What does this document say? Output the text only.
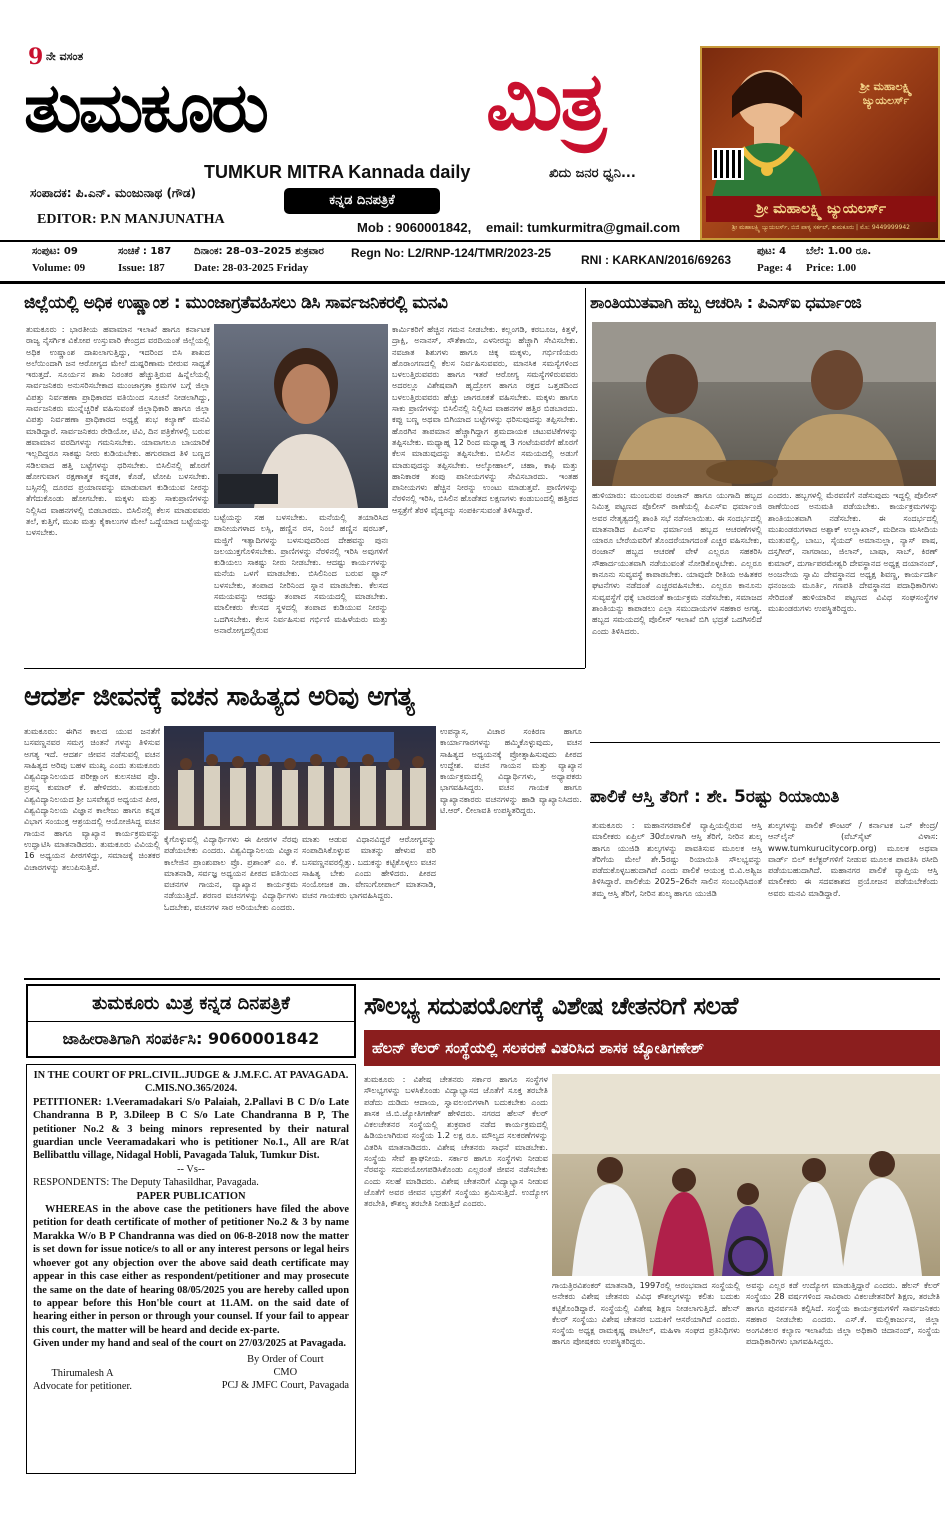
9 ನೇ ವಸಂತ
ತುಮಕೂರು	ಮಿತ್ರ
TUMKUR MITRA Kannada daily	ಖಿದು ಜನರ ಧ್ವನಿ...
ಸಂಪಾದಕ: ಪಿ.ಎನ್. ಮಂಜುನಾಥ (ಗೌಡ)	ಕನ್ನಡ ದಿನಪತ್ರಿಕೆ
EDITOR: P.N MANJUNATHA
Mob : 9060001842, email: tumkurmitra@gmail.com
ಶ್ರೀ ಮಹಾಲಕ್ಷ್ಮಿ ಜ್ಯುಯಲರ್ಸ್
ಶ್ರೀ ಮಹಾಲಕ್ಷ್ಮಿ ಜ್ಯುಯಲರ್ಸ್
ಶ್ರೀ ಮಹಾಲಕ್ಷ್ಮಿ ಜ್ಯುಯಲರ್ಸ್, ಬಿಜಿ ಪಾಳ್ಯ ಸರ್ಕಲ್, ತುಮಕೂರು | ಮೊ: 9449999942
ಸಂಪುಟ: 09	ಸಂಚಿಕೆ : 187 ದಿನಾಂಕ: 28–03–2025 ಶುಕ್ರವಾರ Regn No: L2/RNP-124/TMR/2023-25 RNI : KARKAN/2016/69263
ಪುಟ: 4 ಬೆಲೆ: 1.00 ರೂ.
Volume: 09	Issue: 187	Date: 28-03-2025 Friday	Page: 4 Price: 1.00
ಜಿಲ್ಲೆಯಲ್ಲಿ ಅಧಿಕ ಉಷ್ಣಾಂಶ : ಮುಂಜಾಗ್ರತೆವಹಿಸಲು ಡಿಸಿ ಸಾರ್ವಜನಿಕರಲ್ಲಿ ಮನವಿ
ತುಮಕೂರು : ಭಾರತೀಯ ಹವಾಮಾನ ಇಲಾಖೆ ಹಾಗೂ ಕರ್ನಾಟಕ ರಾಜ್ಯ ನೈಸರ್ಗಿಕ ವಿಕೋಪ ಉಸ್ತುವಾರಿ ಕೇಂದ್ರದ ವರದಿಯಂತೆ ಜಿಲ್ಲೆಯಲ್ಲಿ ಅಧಿಕ ಉಷ್ಣಾಂಶ ದಾಖಲಾಗುತ್ತಿದ್ದು, ಇದರಿಂದ ಬಿಸಿ ಶಾಖದ ಅಲೆಯಿಂದಾಗಿ ಜನ ಆರೋಗ್ಯದ ಮೇಲೆ ದುಷ್ಪರಿಣಾಮ ಬೀರುವ ಸಾಧ್ಯತೆ ಇರುತ್ತದೆ. ಸೂರ್ಯನ ಶಾಖ ನಿರಂತರ ಹೆಚ್ಚುತ್ತಿರುವ ಹಿನ್ನೆಲೆಯಲ್ಲಿ ಸಾರ್ವಜನಿಕರು ಅನುಸರಿಸಬೇಕಾದ ಮುಂಜಾಗ್ರತಾ ಕ್ರಮಗಳ ಬಗ್ಗೆ ಜಿಲ್ಲಾ ವಿಪತ್ತು ನಿರ್ವಹಣಾ ಪ್ರಾಧಿಕಾರದ ವತಿಯಿಂದ ಸೂಚನೆ ನೀಡಲಾಗಿದ್ದು, ಸಾರ್ವಜನಿಕರು ಮುನ್ನೆಚ್ಚರಿಕೆ ವಹಿಸುವಂತೆ ಜಿಲ್ಲಾಧಿಕಾರಿ ಹಾಗೂ ಜಿಲ್ಲಾ ವಿಪತ್ತು ನಿರ್ವಹಣಾ ಪ್ರಾಧಿಕಾರದ ಅಧ್ಯಕ್ಷೆ ಶುಭ ಕಲ್ಯಾಣ್ ಮನವಿ ಮಾಡಿದ್ದಾರೆ. ಸಾರ್ವಜನಿಕರು ರೇಡಿಯೋ, ಟಿವಿ, ದಿನ ಪತ್ರಿಕೆಗಳಲ್ಲಿ ಬರುವ ಹವಾಮಾನ ವರದಿಗಳನ್ನು ಗಮನಿಸಬೇಕು. ಯಾವಾಗಲೂ ಬಾಯಾರಿಕೆ ಇಲ್ಲದಿದ್ದರೂ ಸಾಕಷ್ಟು ನೀರು ಕುಡಿಯಬೇಕು. ಹಗುರವಾದ ತಿಳಿ ಬಣ್ಣದ ಸಡಿಲವಾದ ಹತ್ತಿ ಬಟ್ಟೆಗಳನ್ನು ಧರಿಸಬೇಕು. ಬಿಸಿಲಿನಲ್ಲಿ ಹೊರಗೆ ಹೋಗುವಾಗ ರಕ್ಷಣಾತ್ಮಕ ಕನ್ನಡಕ, ಕೊಡೆ, ಟೋಪಿ ಬಳಸಬೇಕು. ಬಸ್ಸಿನಲ್ಲಿ ದೂರದ ಪ್ರಯಾಣವನ್ನು ಮಾಡುವಾಗ ಕುಡಿಯುವ ನೀರನ್ನು ತೆಗೆದುಕೊಂಡು ಹೋಗಬೇಕು. ಮಕ್ಕಳು ಮತ್ತು ಸಾಕುಪ್ರಾಣಿಗಳನ್ನು ನಿಲ್ಲಿಸಿದ ವಾಹನಗಳಲ್ಲಿ ಬಿಡಬಾರದು. ಬಿಸಿಲಿನಲ್ಲಿ ಕೆಲಸ ಮಾಡುವವರು ತಲೆ, ಕುತ್ತಿಗೆ, ಮುಖ ಮತ್ತು ಕೈಕಾಲುಗಳ ಮೇಲೆ ಒದ್ದೆಯಾದ ಬಟ್ಟೆಯನ್ನು ಬಳಸಬೇಕು.
ಬಟ್ಟೆಯನ್ನು ಸಹ ಬಳಸಬೇಕು. ಮನೆಯಲ್ಲಿ ತಯಾರಿಸಿದ ಪಾನೀಯಗಳಾದ ಲಸ್ಸಿ, ಹಣ್ಣಿನ ರಸ, ನಿಂಬೆ ಹಣ್ಣಿನ ಷರಬತ್, ಮಜ್ಜಿಗೆ ಇತ್ಯಾದಿಗಳನ್ನು ಬಳಸುವುದರಿಂದ ದೇಹವನ್ನು ಪುನಃ ಜಲಯುಕ್ತಗೊಳಿಸಬೇಕು. ಪ್ರಾಣಿಗಳನ್ನು ನೆರಳಿನಲ್ಲಿ ಇರಿಸಿ ಅವುಗಳಿಗೆ ಕುಡಿಯಲು ಸಾಕಷ್ಟು ನೀರು ನೀಡಬೇಕು. ಆದಷ್ಟು ಕಾರ್ಯಗಳನ್ನು ಮನೆಯ ಒಳಗೆ ಮಾಡಬೇಕು. ಬಿಸಿಲಿನಿಂದ ಬರುವ ಫ್ಯಾನ್ ಬಳಸಬೇಕು, ತಂಪಾದ ನೀರಿನಿಂದ ಸ್ನಾನ ಮಾಡಬೇಕು. ಕೆಲಸದ ಸಮಯವನ್ನು ಆದಷ್ಟು ತಂಪಾದ ಸಮಯದಲ್ಲಿ ಮಾಡಬೇಕು. ಮಾಲೀಕರು ಕೆಲಸದ ಸ್ಥಳದಲ್ಲಿ ತಂಪಾದ ಕುಡಿಯುವ ನೀರನ್ನು ಒದಗಿಸಬೇಕು. ಕೆಲಸ ನಿರ್ವಹಿಸುವ ಗರ್ಭಿಣಿ ಮಹಿಳೆಯರು ಮತ್ತು ಅನಾರೋಗ್ಯದಲ್ಲಿರುವ
ಕಾರ್ಮಿಕರಿಗೆ ಹೆಚ್ಚಿನ ಗಮನ ನೀಡಬೇಕು. ಕಲ್ಲಂಗಡಿ, ಕರಬೂಜ, ಕಿತ್ತಳೆ, ದ್ರಾಕ್ಷಿ, ಅನಾನಸ್, ಸೌತೆಕಾಯಿ, ಎಳನೀರನ್ನು ಹೆಚ್ಚಾಗಿ ಸೇವಿಸಬೇಕು. ನವಜಾತ ಶಿಶುಗಳು ಹಾಗೂ ಚಿಕ್ಕ ಮಕ್ಕಳು, ಗರ್ಭಿಣಿಯರು ಹೊರಾಂಗಣದಲ್ಲಿ ಕೆಲಸ ನಿರ್ವಹಿಸುವವರು, ಮಾನಸಿಕ ಸಮಸ್ಯೆಗಳಿಂದ ಬಳಲುತ್ತಿರುವವರು ಹಾಗೂ ಇತರೆ ಆರೋಗ್ಯ ಸಮಸ್ಯೆಗಳಿರುವವರು ಅದರಲ್ಲೂ ವಿಶೇಷವಾಗಿ ಹೃದ್ರೋಗ ಹಾಗೂ ರಕ್ತದ ಒತ್ತಡದಿಂದ ಬಳಲುತ್ತಿರುವವರು ಹೆಚ್ಚು ಜಾಗರೂಕತೆ ವಹಿಸಬೇಕು. ಮಕ್ಕಳು ಹಾಗೂ ಸಾಕು ಪ್ರಾಣಿಗಳನ್ನು ಬಿಸಿಲಿನಲ್ಲಿ ನಿಲ್ಲಿಸಿದ ವಾಹನಗಳ ಹತ್ತಿರ ಬಿಡಬಾರದು. ಕಪ್ಪು ಬಣ್ಣ ಅಥವಾ ಬಿಗಿಯಾದ ಬಟ್ಟೆಗಳನ್ನು ಧರಿಸುವುದನ್ನು ತಪ್ಪಿಸಬೇಕು. ಹೊರಗಿನ ತಾಪಮಾನ ಹೆಚ್ಚಾಗಿದ್ದಾಗ ಶ್ರಮದಾಯಕ ಚಟುವಟಿಕೆಗಳನ್ನು ತಪ್ಪಿಸಬೇಕು. ಮಧ್ಯಾಹ್ನ 12 ರಿಂದ ಮಧ್ಯಾಹ್ನ 3 ಗಂಟೆಯವರೆಗೆ ಹೊರಗೆ ಕೆಲಸ ಮಾಡುವುದನ್ನು ತಪ್ಪಿಸಬೇಕು. ಬಿಸಿಲಿನ ಸಮಯದಲ್ಲಿ ಅಡುಗೆ ಮಾಡುವುದನ್ನು ತಪ್ಪಿಸಬೇಕು. ಆಲ್ಕೋಹಾಲ್, ಚಹಾ, ಕಾಫಿ ಮತ್ತು ಹಾನಿಕಾರಕ ತಂಪು ಪಾನೀಯಗಳನ್ನು ಸೇವಿಸಬಾರದು. ಇಂತಹ ಪಾನೀಯಗಳು ಹೆಚ್ಚಿನ ನೀರನ್ನು ಉಂಟು ಮಾಡುತ್ತವೆ. ಪ್ರಾಣಿಗಳನ್ನು ನೆರಳಿನಲ್ಲಿ ಇರಿಸಿ, ಬಿಸಿಲಿನ ಹೊಡೆತದ ಲಕ್ಷಣಗಳು ಕಂಡುಬಂದಲ್ಲಿ ಹತ್ತಿರದ ಆಸ್ಪತ್ರೆಗೆ ತೆರಳಿ ವೈದ್ಯರನ್ನು ಸಂಪರ್ಕಿಸುವಂತೆ ತಿಳಿಸಿದ್ದಾರೆ.
ಶಾಂತಿಯುತವಾಗಿ ಹಬ್ಬ ಆಚರಿಸಿ : ಪಿಎಸ್ಐ ಧರ್ಮಾಂಜಿ
ಹುಳಿಯಾರು: ಮುಂಬರುವ ರಂಜಾನ್ ಹಾಗೂ ಯುಗಾದಿ ಹಬ್ಬದ ನಿಮಿತ್ತ ಪಟ್ಟಣದ ಪೊಲೀಸ್ ಠಾಣೆಯಲ್ಲಿ ಪಿಎಸ್ಐ ಧರ್ಮಾಂಜಿ ಅವರ ನೇತೃತ್ವದಲ್ಲಿ ಶಾಂತಿ ಸಭೆ ನಡೆಸಲಾಯಿತು. ಈ ಸಂದರ್ಭದಲ್ಲಿ ಮಾತನಾಡಿದ ಪಿಎಸ್ಐ ಧರ್ಮಾಂಜಿ ಹಬ್ಬದ ಆಚರಣೆಗಳಲ್ಲಿ ಯಾರೂ ಬೇರೆಯವರಿಗೆ ತೊಂದರೆಯಾಗದಂತೆ ಎಚ್ಚರ ವಹಿಸಬೇಕು, ರಂಜಾನ್ ಹಬ್ಬದ ಆಚರಣೆ ವೇಳೆ ಎಲ್ಲರೂ ಸಹಕರಿಸಿ ಸೌಹಾರ್ದಯುತವಾಗಿ ನಡೆಯುವಂತೆ ನೋಡಿಕೊಳ್ಳಬೇಕು. ಎಲ್ಲರೂ ಕಾನೂನು ಸುವ್ಯವಸ್ಥೆ ಕಾಪಾಡಬೇಕು. ಯಾವುದೇ ರೀತಿಯ ಅಹಿತಕರ ಘಟನೆಗಳು ನಡೆದಂತೆ ಎಚ್ಚರವಹಿಸಬೇಕು. ಎಲ್ಲರೂ ಕಾನೂನು ಸುವ್ಯವಸ್ಥೆಗೆ ಧಕ್ಕೆ ಬಾರದಂತೆ ಕಾರ್ಯಕ್ರಮ ನಡೆಸಬೇಕು, ಸಮಾಜದ ಶಾಂತಿಯನ್ನು ಕಾಪಾಡಲು ಎಲ್ಲಾ ಸಮುದಾಯಗಳ ಸಹಕಾರ ಅಗತ್ಯ. ಹಬ್ಬದ ಸಮಯದಲ್ಲಿ ಪೊಲೀಸ್ ಇಲಾಖೆ ಬಿಗಿ ಭದ್ರತೆ ಒದಗಿಸಲಿದೆ ಎಂದು ತಿಳಿಸಿದರು.
ಎಂದರು. ಹಬ್ಬಗಳಲ್ಲಿ ಮೆರವಣಿಗೆ ನಡೆಸುವುದು ಇದ್ದಲ್ಲಿ ಪೊಲೀಸ್ ಠಾಣೆಯಿಂದ ಅನುಮತಿ ಪಡೆಯಬೇಕು. ಕಾರ್ಯಕ್ರಮಗಳನ್ನು ಶಾಂತಿಯುತವಾಗಿ ನಡೆಸಬೇಕು. ಈ ಸಂದರ್ಭದಲ್ಲಿ ಮುಖಂಡರುಗಳಾದ ಅಶ್ಫಾಕ್ ಉಲ್ಲಾಖಾನ್, ಮದೀನಾ ಮಸೀದಿಯ ಮುತುವಲ್ಲಿ, ಬಾಬು, ಸೈಯದ್ ಅಮಾನುಲ್ಲಾ, ನ್ಯಾಸ್ ಪಾಷ, ದಸ್ತಗೀರ್, ನಾಗರಾಜು, ಜಿಲಾನ್, ಬಾಷಾ, ಸಾಬ್, ಕಿರಣ್ ಕುಮಾರ್, ದುರ್ಗಾಪರಮೇಶ್ವರಿ ದೇವಸ್ಥಾನದ ಅಧ್ಯಕ್ಷ ದಯಾನಂದ್, ಅಂಜನೇಯ ಸ್ವಾಮಿ ದೇವಸ್ಥಾನದ ಅಧ್ಯಕ್ಷ ಶಿವಣ್ಣ, ಕಾರ್ಯದರ್ಶಿ ಧನಂಜಯ ಮೂರ್ತಿ, ಗಣಪತಿ ದೇವಸ್ಥಾನದ ಪದಾಧಿಕಾರಿಗಳು ಸೇರಿದಂತೆ ಹುಳಿಯಾರಿನ ಪಟ್ಟಣದ ವಿವಿಧ ಸಂಘಸಂಸ್ಥೆಗಳ ಮುಖಂಡರುಗಳು ಉಪಸ್ಥಿತರಿದ್ದರು.
ಆದರ್ಶ ಜೀವನಕ್ಕೆ ವಚನ ಸಾಹಿತ್ಯದ ಅರಿವು ಅಗತ್ಯ
ತುಮಕೂರು: ಈಗಿನ ಕಾಲದ ಯುವ ಜನತೆಗೆ ಬಸವಣ್ಣನವರ ಸಮಗ್ರ ಚಿಂತನೆ ಗಳನ್ನು ತಿಳಿಸುವ ಅಗತ್ಯ ಇದೆ. ಆದರ್ಶ ಜೀವನ ನಡೆಸುವಲ್ಲಿ ವಚನ ಸಾಹಿತ್ಯದ ಅರಿವು ಬಹಳ ಮುಖ್ಯ ಎಂದು ತುಮಕೂರು ವಿಶ್ವವಿದ್ಯಾನಿಲಯದ ಪರೀಕ್ಷಾಂಗ ಕುಲಸಚಿವ ಪ್ರೊ. ಪ್ರಸನ್ನ ಕುಮಾರ್ ಕೆ. ಹೇಳಿದರು. ತುಮಕೂರು ವಿಶ್ವವಿದ್ಯಾನಿಲಯದ ಶ್ರೀ ಬಸವೇಶ್ವರ ಅಧ್ಯಯನ ಪೀಠ, ವಿಶ್ವವಿದ್ಯಾನಿಲಯ ವಿಜ್ಞಾನ ಕಾಲೇಜು ಹಾಗೂ ಕನ್ನಡ ವಿಭಾಗ ಸಂಯುಕ್ತ ಆಶ್ರಯದಲ್ಲಿ ಆಯೋಜಿಸಿದ್ದ ವಚನ ಗಾಯನ ಹಾಗೂ ವ್ಯಾಖ್ಯಾನ ಕಾರ್ಯಕ್ರಮವನ್ನು ಉದ್ಘಾಟಿಸಿ ಮಾತನಾಡಿದರು. ತುಮಕೂರು ವಿವಿಯಲ್ಲಿ 16 ಅಧ್ಯಯನ ಪೀಠಗಳಿದ್ದು, ಸಮಾಜಕ್ಕೆ ಚಿಂತಕರ ವಿಚಾರಗಳನ್ನು ತಲುಪಿಸುತ್ತಿವೆ.
ಕೈಗೊಳ್ಳುವಲ್ಲಿ ವಿದ್ಯಾರ್ಥಿಗಳು ಈ ಪೀಠಗಳ ನೆರವು ಪಡೆಯಬೇಕು ಎಂದರು. ವಿಶ್ವವಿದ್ಯಾನಿಲಯ ವಿಜ್ಞಾನ ಕಾಲೇಜಿನ ಪ್ರಾಂಶುಪಾಲ ಪ್ರೊ. ಪ್ರಶಾಂತ್ ಎಂ. ಕೆ. ಮಾತನಾಡಿ, ಸರ್ವಜ್ಞ ಅಧ್ಯಯನ ಪೀಠದ ವತಿಯಿಂದ ವಚನಗಳ ಗಾಯನ, ವ್ಯಾಖ್ಯಾನ ಕಾರ್ಯಕ್ರಮ ನಡೆಯುತ್ತಿದೆ. ಶರಣರ ವಚನಗಳನ್ನು ವಿದ್ಯಾರ್ಥಿಗಳು ಓದಬೇಕು, ವಚನಗಳ ಸಾರ ಅರಿಯಬೇಕು ಎಂದರು.
ಮಾತು ಆಡುವ ವಿಧಾನವಿದ್ದರೆ ಆರೋಗ್ಯವನ್ನು ಸಂಪಾದಿಸಿಕೊಳ್ಳುವ ಮಾತನ್ನು ಹೇಳುವ ಪರಿ ಬಸವಣ್ಣನವರಲ್ಲಿತ್ತು. ಬದುಕನ್ನು ಕಟ್ಟಿಕೊಳ್ಳಲು ವಚನ ಸಾಹಿತ್ಯ ಬೇಕು ಎಂದು ಹೇಳಿದರು. ಪೀಠದ ಸಂಯೋಜಕ ಡಾ. ವೇಣುಗೋಪಾಲ್ ಮಾತನಾಡಿ, ವಚನ ಗಾಯಕರು ಭಾಗವಹಿಸಿದ್ದರು.
ಉಪನ್ಯಾಸ, ವಿಚಾರ ಸಂಕಿರಣ ಹಾಗೂ ಕಾರ್ಯಾಗಾರಗಳನ್ನು ಹಮ್ಮಿಕೊಳ್ಳುವುದು, ವಚನ ಸಾಹಿತ್ಯದ ಅಧ್ಯಯನಕ್ಕೆ ಪ್ರೋತ್ಸಾಹಿಸುವುದು ಪೀಠದ ಉದ್ದೇಶ. ವಚನ ಗಾಯನ ಮತ್ತು ವ್ಯಾಖ್ಯಾನ ಕಾರ್ಯಕ್ರಮದಲ್ಲಿ ವಿದ್ಯಾರ್ಥಿಗಳು, ಅಧ್ಯಾಪಕರು ಭಾಗವಹಿಸಿದ್ದರು. ವಚನ ಗಾಯಕ ಹಾಗೂ ವ್ಯಾಖ್ಯಾನಕಾರರು ವಚನಗಳನ್ನು ಹಾಡಿ ವ್ಯಾಖ್ಯಾನಿಸಿದರು. ಟಿ.ಆರ್. ಲೀಲಾವತಿ ಉಪಸ್ಥಿತರಿದ್ದರು.
ಪಾಲಿಕೆ ಆಸ್ತಿ ತೆರಿಗೆ : ಶೇ. 5ರಷ್ಟು ರಿಯಾಯಿತಿ
ತುಮಕೂರು : ಮಹಾನಗರಪಾಲಿಕೆ ವ್ಯಾಪ್ತಿಯಲ್ಲಿರುವ ಆಸ್ತಿ ಮಾಲೀಕರು ಏಪ್ರಿಲ್ 30ರೊಳಗಾಗಿ ಆಸ್ತಿ ತೆರಿಗೆ, ನೀರಿನ ಶುಲ್ಕ ಹಾಗೂ ಯುಜಿಡಿ ಶುಲ್ಕಗಳನ್ನು ಪಾವತಿಸುವ ಮೂಲಕ ಆಸ್ತಿ ತೆರಿಗೆಯ ಮೇಲೆ ಶೇ.5ರಷ್ಟು ರಿಯಾಯಿತಿ ಸೌಲಭ್ಯವನ್ನು ಪಡೆದುಕೊಳ್ಳಬಹುದಾಗಿದೆ ಎಂದು ಪಾಲಿಕೆ ಆಯುಕ್ತ ಬಿ.ವಿ.ಅಶ್ವಿಜ ತಿಳಿಸಿದ್ದಾರೆ. ಪಾಲಿಕೆಯ 2025–26ನೇ ಸಾಲಿನ ಸಂಬಂಧಿಸಿದಂತೆ ತಮ್ಮ ಆಸ್ತಿ ತೆರಿಗೆ, ನೀರಿನ ಶುಲ್ಕ ಹಾಗೂ ಯುಜಿಡಿ
ಶುಲ್ಕಗಳನ್ನು ಪಾಲಿಕೆ ಕೌಂಟರ್ / ಕರ್ನಾಟಕ ಒನ್ ಕೇಂದ್ರ/ ಆನ್‌ಲೈನ್ (ವೆಬ್‌ಸೈಟ್ ವಿಳಾಸ: www.tumkurucitycorp.org) ಮೂಲಕ ಅಥವಾ ವಾರ್ಡ್ ಬಿಲ್ ಕಲೆಕ್ಟರ್‌ಗಳಿಗೆ ನೀಡುವ ಮೂಲಕ ಪಾವತಿಸಿ ರಸೀದಿ ಪಡೆಯಬಹುದಾಗಿದೆ. ಮಹಾನಗರ ಪಾಲಿಕೆ ವ್ಯಾಪ್ತಿಯ ಆಸ್ತಿ ಮಾಲೀಕರು ಈ ಸದವಕಾಶದ ಪ್ರಯೋಜನ ಪಡೆಯಬೇಕೆಂದು ಅವರು ಮನವಿ ಮಾಡಿದ್ದಾರೆ.
ತುಮಕೂರು ಮಿತ್ರ ಕನ್ನಡ ದಿನಪತ್ರಿಕೆ
ಜಾಹೀರಾತಿಗಾಗಿ ಸಂಪರ್ಕಿಸಿ: 9060001842
IN THE COURT OF PRL.CIVIL.JUDGE & J.M.F.C. AT PAVAGADA.
C.MIS.NO.365/2024.
PETITIONER: 1.Veeramadakari S/o Palaiah, 2.Pallavi B C D/o Late Chandranna B P, 3.Dileep B C S/o Late Chandranna B P, The petitioner No.2 & 3 being minors represented by their natural guardian uncle Veeramadakari who is petitioner No.1., All are R/at Bellibattlu village, Nidagal Hobli, Pavagada Taluk, Tumkur Dist.
-- Vs--
RESPONDENTS: The Deputy Tahasildhar, Pavagada.
PAPER PUBLICATION
WHEREAS in the above case the petitioners have filed the above petition for death certificate of mother of petitioner No.2 & 3 by name Marakka W/o B P Chandranna was died on 06-8-2018 now the matter is set down for issue notice/s to all or any interest persons or legal heirs whoever got any objection over the above said death certificate may appear in this case either as respondent/petitioner and may prosecute the same on the date of hearing 08/05/2025 you are hereby called upon to appear before this Hon'ble court at 11.AM. on the said date of hearing either in person or through your counsel. If your fail to appear this court, the matter will be heard and decide ex-parte.
Given under my hand and seal of the court on 27/03/2025 at Pavagada.
Thirumalesh A
Advocate for petitioner.
By Order of Court
CMO
PCJ & JMFC Court, Pavagada
ಸೌಲಭ್ಯ ಸದುಪಯೋಗಕ್ಕೆ ವಿಶೇಷ ಚೇತನರಿಗೆ ಸಲಹೆ
ಹೆಲನ್ ಕೆಲರ್ ಸಂಸ್ಥೆಯಲ್ಲಿ ಸಲಕರಣೆ ವಿತರಿಸಿದ ಶಾಸಕ ಜ್ಯೋತಿಗಣೇಶ್
ತುಮಕೂರು : ವಿಶೇಷ ಚೇತನರು ಸರ್ಕಾರ ಹಾಗೂ ಸಂಸ್ಥೆಗಳ ಸೌಲಭ್ಯಗಳನ್ನು ಬಳಸಿಕೊಂಡು ವಿದ್ಯಾಭ್ಯಾಸದ ಜೊತೆಗೆ ಸೂಕ್ತ ತರಬೇತಿ ಪಡೆದು ದುಡಿದು ಆದಾಯ, ಸ್ವಾವಲಂಬಿಗಳಾಗಿ ಬದುಕಬೇಕು ಎಂದು ಶಾಸಕ ಜಿ.ಬಿ.ಜ್ಯೋತಿಗಣೇಶ್ ಹೇಳಿದರು. ನಗರದ ಹೆಲನ್ ಕೆಲರ್ ವಿಕಲಚೇತನರ ಸಂಸ್ಥೆಯಲ್ಲಿ ಶುಕ್ರವಾರ ನಡೆದ ಕಾರ್ಯಕ್ರಮದಲ್ಲಿ ಹಿಡಿಯಲಾಗಿರುವ ಸಂಸ್ಥೆಯ 1.2 ಲಕ್ಷ ರೂ. ಮೌಲ್ಯದ ಸಲಕರಣೆಗಳನ್ನು ವಿತರಿಸಿ ಮಾತನಾಡಿದರು. ವಿಶೇಷ ಚೇತನರು ಸಾಧನೆ ಮಾಡಬೇಕು. ಸಂಸ್ಥೆಯ ಸೇವೆ ಶ್ಲಾಘನೀಯ. ಸರ್ಕಾರ ಹಾಗೂ ಸಂಸ್ಥೆಗಳು ನೀಡುವ ನೆರವನ್ನು ಸದುಪಯೋಗಪಡಿಸಿಕೊಂಡು ಎಲ್ಲರಂತೆ ಜೀವನ ನಡೆಸಬೇಕು ಎಂದು ಸಲಹೆ ಮಾಡಿದರು. ವಿಶೇಷ ಚೇತನರಿಗೆ ವಿದ್ಯಾಭ್ಯಾಸ ನೀಡುವ ಜೊತೆಗೆ ಅವರ ಜೀವನ ಭದ್ರತೆಗೆ ಸಂಸ್ಥೆಯು ಶ್ರಮಿಸುತ್ತಿದೆ. ಉದ್ಯೋಗ ತರಬೇತಿ, ಕೌಶಲ್ಯ ತರಬೇತಿ ನೀಡುತ್ತಿದೆ ಎಂದರು.
ಗಾಯತ್ರಿರವಿಶಂಕರ್ ಮಾತನಾಡಿ, 1997ರಲ್ಲಿ ಆರಂಭವಾದ ಸಂಸ್ಥೆಯಲ್ಲಿ ಅನೇಕರು ವಿಶೇಷ ಚೇತನರು ವಿವಿಧ ಕೌಶಲ್ಯಗಳನ್ನು ಕಲಿತು ಬದುಕು ಕಟ್ಟಿಕೊಂಡಿದ್ದಾರೆ. ಸಂಸ್ಥೆಯಲ್ಲಿ ವಿಶೇಷ ಶಿಕ್ಷಣ ನೀಡಲಾಗುತ್ತಿದೆ. ಹೆಲನ್ ಕೆಲರ್ ಸಂಸ್ಥೆಯು ವಿಶೇಷ ಚೇತನರ ಬದುಕಿಗೆ ಆಸರೆಯಾಗಿದೆ ಎಂದರು. ಸಂಸ್ಥೆಯ ಅಧ್ಯಕ್ಷ ರಾಮಕೃಷ್ಣ ಪಾಟೀಲ್, ಮಹಿಳಾ ಸಂಘದ ಪ್ರತಿನಿಧಿಗಳು ಹಾಗೂ ಪೋಷಕರು ಉಪಸ್ಥಿತರಿದ್ದರು.
ಅವನ್ನು ಎಲ್ಲರ ಕಡೆ ಉದ್ಯೋಗ ಮಾಡುತ್ತಿದ್ದಾರೆ ಎಂದರು. ಹೆಲನ್ ಕೆಲರ್ ಸಂಸ್ಥೆಯು 28 ವರ್ಷಗಳಿಂದ ಸಾವಿರಾರು ವಿಕಲಚೇತನರಿಗೆ ಶಿಕ್ಷಣ, ತರಬೇತಿ ಹಾಗೂ ಪುನರ್ವಸತಿ ಕಲ್ಪಿಸಿದೆ. ಸಂಸ್ಥೆಯ ಕಾರ್ಯಕ್ರಮಗಳಿಗೆ ಸಾರ್ವಜನಿಕರು ಸಹಕಾರ ನೀಡಬೇಕು ಎಂದರು. ಎಸ್.ಕೆ. ಮಲ್ಲಿಕಾರ್ಜುನ, ಜಿಲ್ಲಾ ಅಂಗವಿಕಲರ ಕಲ್ಯಾಣ ಇಲಾಖೆಯ ಜಿಲ್ಲಾ ಅಧಿಕಾರಿ ಚಿದಾನಂದ್, ಸಂಸ್ಥೆಯ ಪದಾಧಿಕಾರಿಗಳು ಭಾಗವಹಿಸಿದ್ದರು.
